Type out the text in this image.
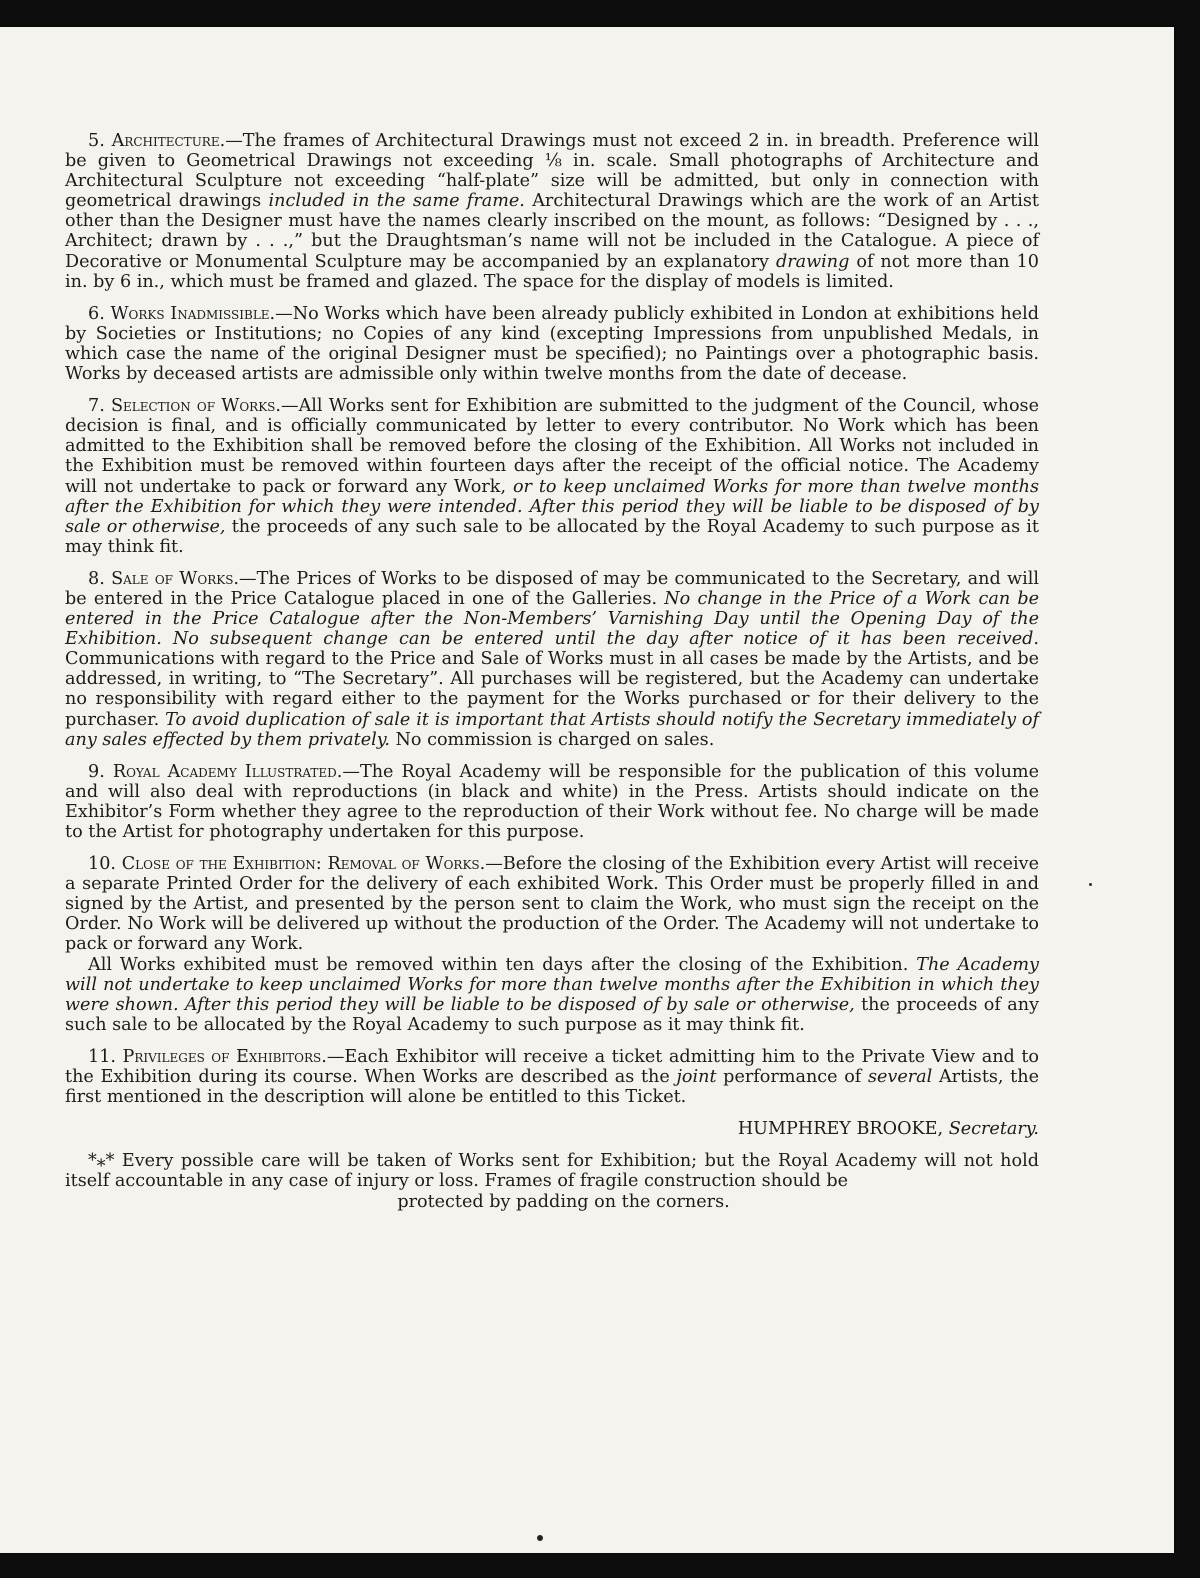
5. Architecture.—The frames of Architectural Drawings must not exceed 2 in. in breadth. Preference will be given to Geometrical Drawings not exceeding ⅛ in. scale. Small photographs of Architecture and Architectural Sculpture not exceeding “half-plate” size will be admitted, but only in connection with geometrical drawings included in the same frame. Architectural Drawings which are the work of an Artist other than the Designer must have the names clearly inscribed on the mount, as follows: “Designed by . . ., Architect; drawn by . . .,” but the Draughtsman’s name will not be included in the Catalogue. A piece of Decorative or Monumental Sculpture may be accompanied by an explanatory drawing of not more than 10 in. by 6 in., which must be framed and glazed. The space for the display of models is limited.

6. Works Inadmissible.—No Works which have been already publicly exhibited in London at exhibitions held by Societies or Institutions; no Copies of any kind (excepting Impressions from unpublished Medals, in which case the name of the original Designer must be specified); no Paintings over a photographic basis. Works by deceased artists are admissible only within twelve months from the date of decease.

7. Selection of Works.—All Works sent for Exhibition are submitted to the judgment of the Council, whose decision is final, and is officially communicated by letter to every contributor. No Work which has been admitted to the Exhibition shall be removed before the closing of the Exhibition. All Works not included in the Exhibition must be removed within fourteen days after the receipt of the official notice. The Academy will not undertake to pack or forward any Work, or to keep unclaimed Works for more than twelve months after the Exhibition for which they were intended. After this period they will be liable to be disposed of by sale or otherwise, the proceeds of any such sale to be allocated by the Royal Academy to such purpose as it may think fit.

8. Sale of Works.—The Prices of Works to be disposed of may be communicated to the Secretary, and will be entered in the Price Catalogue placed in one of the Galleries. No change in the Price of a Work can be entered in the Price Catalogue after the Non-Members’ Varnishing Day until the Opening Day of the Exhibition. No subsequent change can be entered until the day after notice of it has been received. Communications with regard to the Price and Sale of Works must in all cases be made by the Artists, and be addressed, in writing, to “The Secretary”. All purchases will be registered, but the Academy can undertake no responsibility with regard either to the payment for the Works purchased or for their delivery to the purchaser. To avoid duplication of sale it is important that Artists should notify the Secretary immediately of any sales effected by them privately. No commission is charged on sales.

9. Royal Academy Illustrated.—The Royal Academy will be responsible for the publication of this volume and will also deal with reproductions (in black and white) in the Press. Artists should indicate on the Exhibitor’s Form whether they agree to the reproduction of their Work without fee. No charge will be made to the Artist for photography undertaken for this purpose.

10. Close of the Exhibition: Removal of Works.—Before the closing of the Exhibition every Artist will receive a separate Printed Order for the delivery of each exhibited Work. This Order must be properly filled in and signed by the Artist, and presented by the person sent to claim the Work, who must sign the receipt on the Order. No Work will be delivered up without the production of the Order. The Academy will not undertake to pack or forward any Work.

All Works exhibited must be removed within ten days after the closing of the Exhibition. The Academy will not undertake to keep unclaimed Works for more than twelve months after the Exhibition in which they were shown. After this period they will be liable to be disposed of by sale or otherwise, the proceeds of any such sale to be allocated by the Royal Academy to such purpose as it may think fit.

11. Privileges of Exhibitors.—Each Exhibitor will receive a ticket admitting him to the Private View and to the Exhibition during its course. When Works are described as the joint performance of several Artists, the first mentioned in the description will alone be entitled to this Ticket.

HUMPHREY BROOKE, Secretary.

*⁎* Every possible care will be taken of Works sent for Exhibition; but the Royal Academy will not hold itself accountable in any case of injury or loss. Frames of fragile construction should be

protected by padding on the corners.
